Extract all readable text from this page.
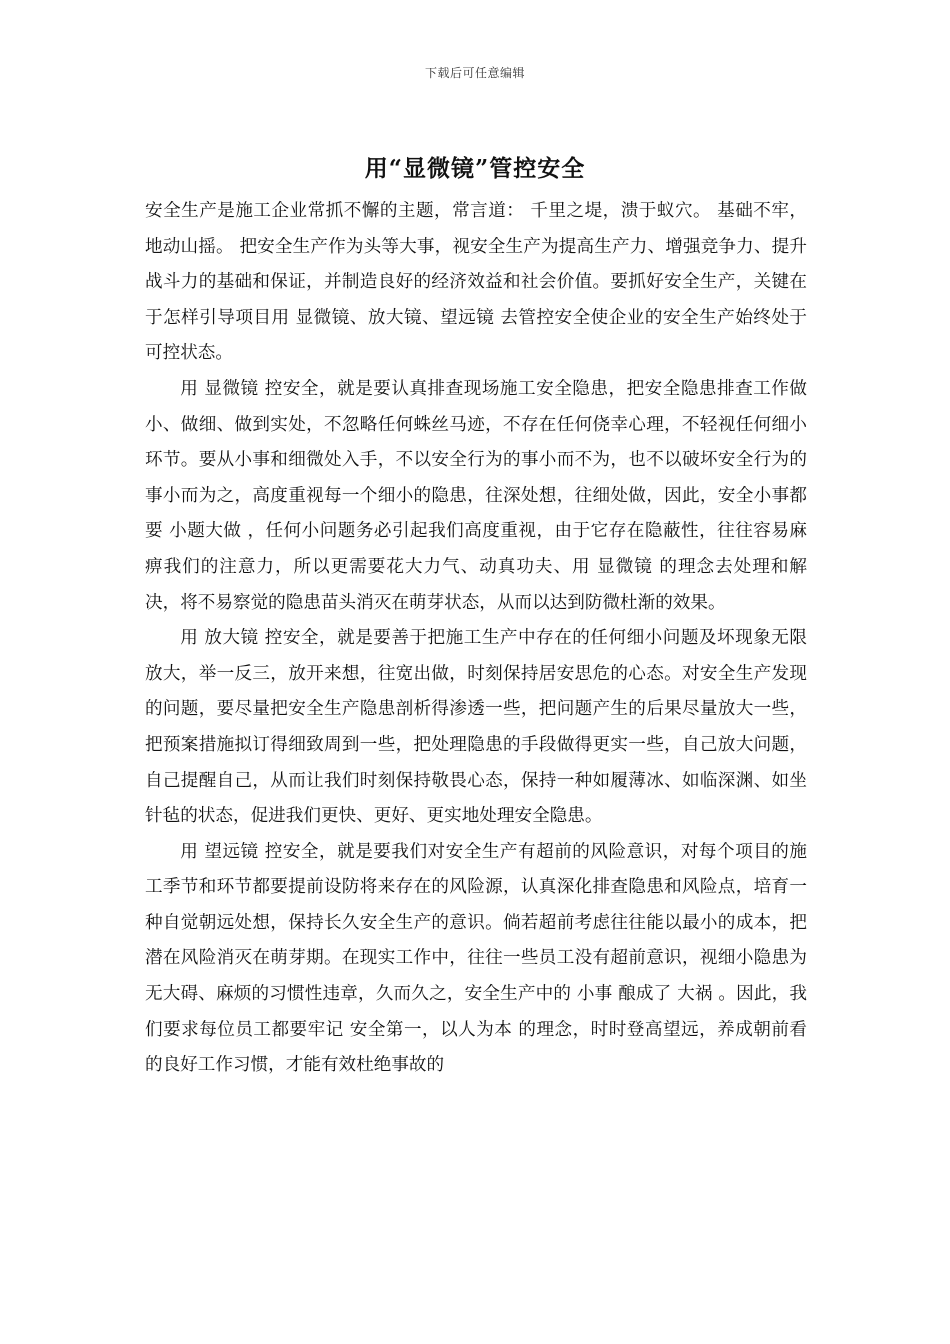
下载后可任意编辑
用“显微镜”管控安全

安全生产是施工企业常抓不懈的主题，常言道： 千里之堤，溃于蚁穴。 基础不牢，地动山摇。 把安全生产作为头等大事，视安全生产为提高生产力、增强竞争力、提升战斗力的基础和保证，并制造良好的经济效益和社会价值。要抓好安全生产，关键在于怎样引导项目用 显微镜、放大镜、望远镜 去管控安全使企业的安全生产始终处于可控状态。

用 显微镜 控安全，就是要认真排查现场施工安全隐患，把安全隐患排查工作做小、做细、做到实处，不忽略任何蛛丝马迹，不存在任何侥幸心理，不轻视任何细小环节。要从小事和细微处入手，不以安全行为的事小而不为，也不以破坏安全行为的事小而为之，高度重视每一个细小的隐患，往深处想，往细处做，因此，安全小事都要 小题大做 ，任何小问题务必引起我们高度重视，由于它存在隐蔽性，往往容易麻痹我们的注意力，所以更需要花大力气、动真功夫、用 显微镜 的理念去处理和解决，将不易察觉的隐患苗头消灭在萌芽状态，从而以达到防微杜渐的效果。

用 放大镜 控安全，就是要善于把施工生产中存在的任何细小问题及坏现象无限放大，举一反三，放开来想，往宽出做，时刻保持居安思危的心态。对安全生产发现的问题，要尽量把安全生产隐患剖析得渗透一些，把问题产生的后果尽量放大一些，把预案措施拟订得细致周到一些，把处理隐患的手段做得更实一些，自己放大问题，自己提醒自己，从而让我们时刻保持敬畏心态，保持一种如履薄冰、如临深渊、如坐针毡的状态，促进我们更快、更好、更实地处理安全隐患。

用 望远镜 控安全，就是要我们对安全生产有超前的风险意识，对每个项目的施工季节和环节都要提前设防将来存在的风险源，认真深化排查隐患和风险点，培育一种自觉朝远处想，保持长久安全生产的意识。倘若超前考虑往往能以最小的成本，把潜在风险消灭在萌芽期。在现实工作中，往往一些员工没有超前意识，视细小隐患为无大碍、麻烦的习惯性违章，久而久之，安全生产中的 小事 酿成了 大祸 。因此，我们要求每位员工都要牢记 安全第一，以人为本 的理念，时时登高望远，养成朝前看的良好工作习惯，才能有效杜绝事故的
